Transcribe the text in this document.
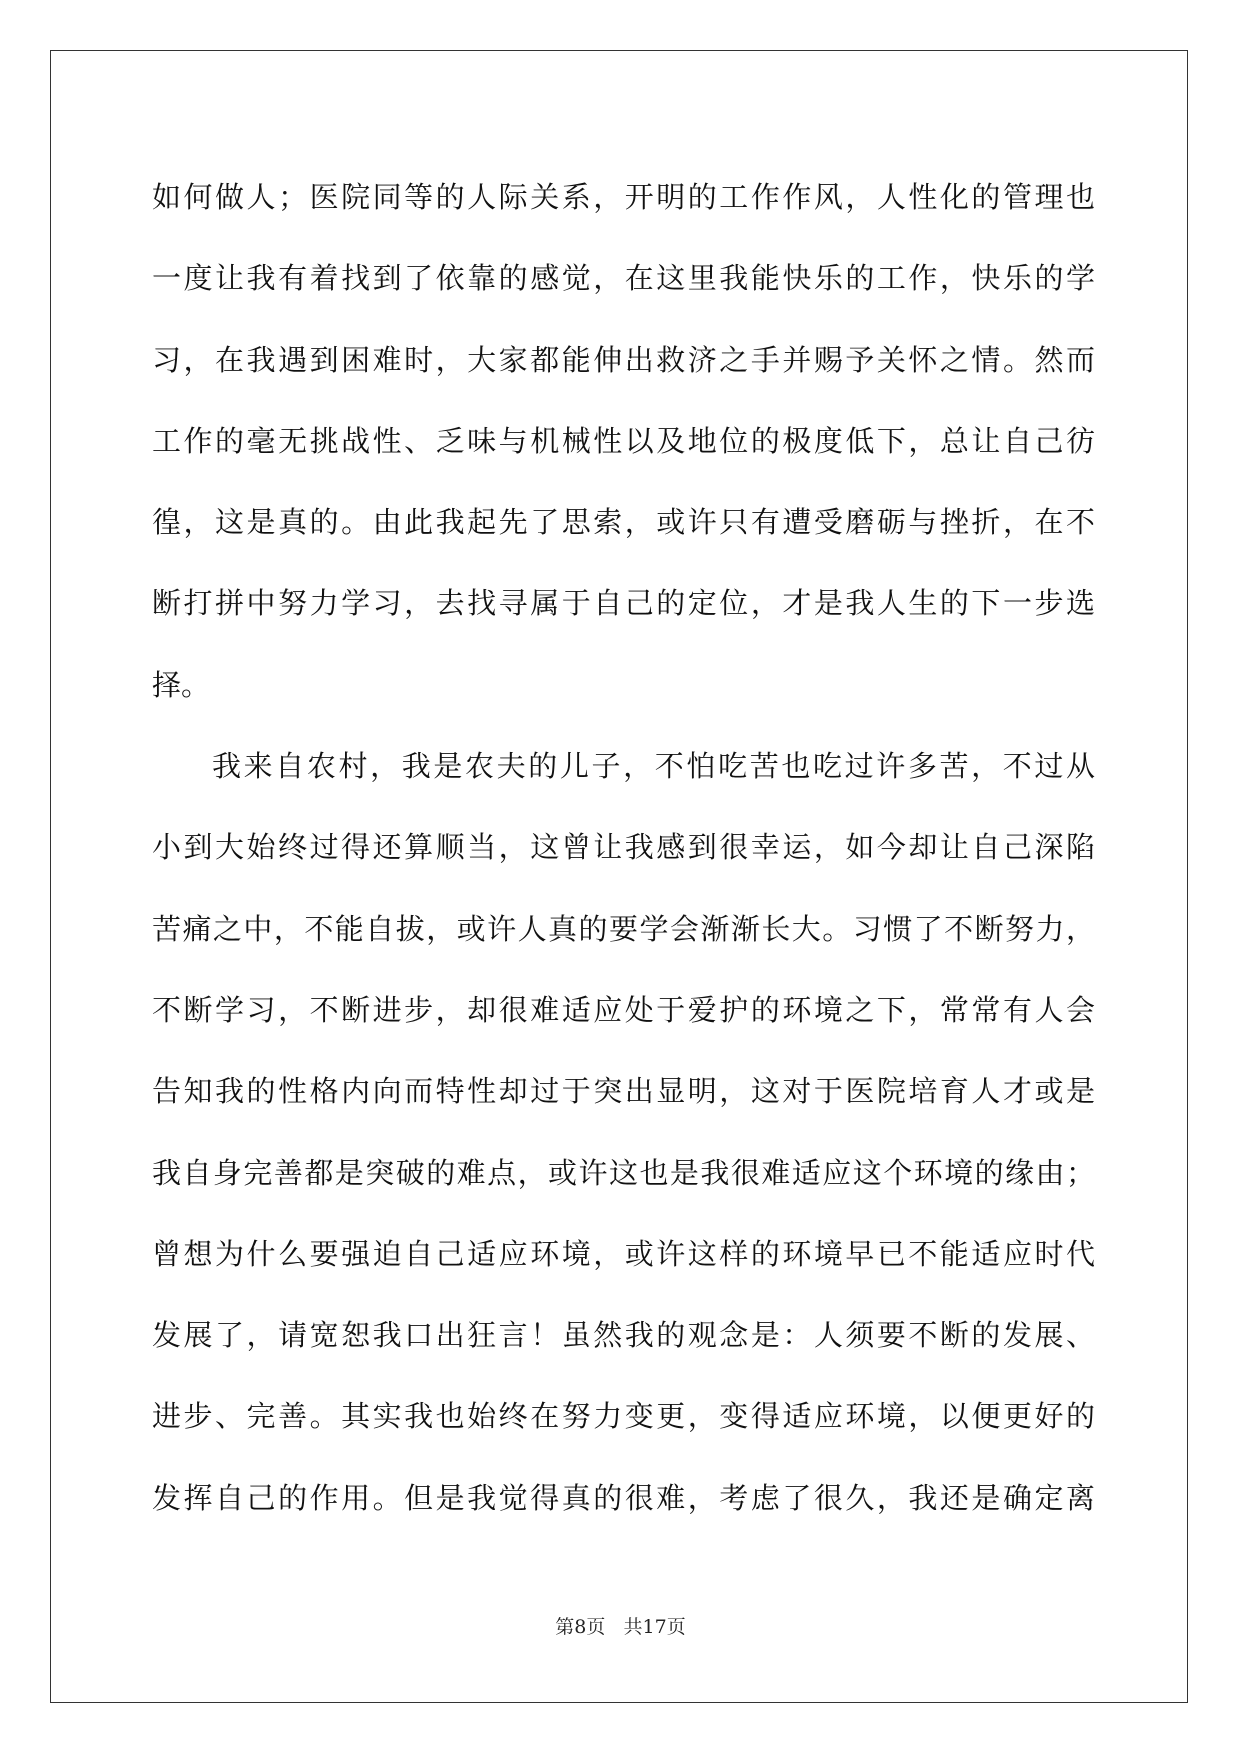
如何做人；医院同等的人际关系，开明的工作作风，人性化的管理也
一度让我有着找到了依靠的感觉，在这里我能快乐的工作，快乐的学
习，在我遇到困难时，大家都能伸出救济之手并赐予关怀之情。然而
工作的毫无挑战性、乏味与机械性以及地位的极度低下，总让自己彷
徨，这是真的。由此我起先了思索，或许只有遭受磨砺与挫折，在不
断打拼中努力学习，去找寻属于自己的定位，才是我人生的下一步选
择。
我来自农村，我是农夫的儿子，不怕吃苦也吃过许多苦，不过从
小到大始终过得还算顺当，这曾让我感到很幸运，如今却让自己深陷
苦痛之中，不能自拔，或许人真的要学会渐渐长大。习惯了不断努力，
不断学习，不断进步，却很难适应处于爱护的环境之下，常常有人会
告知我的性格内向而特性却过于突出显明，这对于医院培育人才或是
我自身完善都是突破的难点，或许这也是我很难适应这个环境的缘由；
曾想为什么要强迫自己适应环境，或许这样的环境早已不能适应时代
发展了，请宽恕我口出狂言！虽然我的观念是：人须要不断的发展、
进步、完善。其实我也始终在努力变更，变得适应环境，以便更好的
发挥自己的作用。但是我觉得真的很难，考虑了很久，我还是确定离
第8页 共17页
